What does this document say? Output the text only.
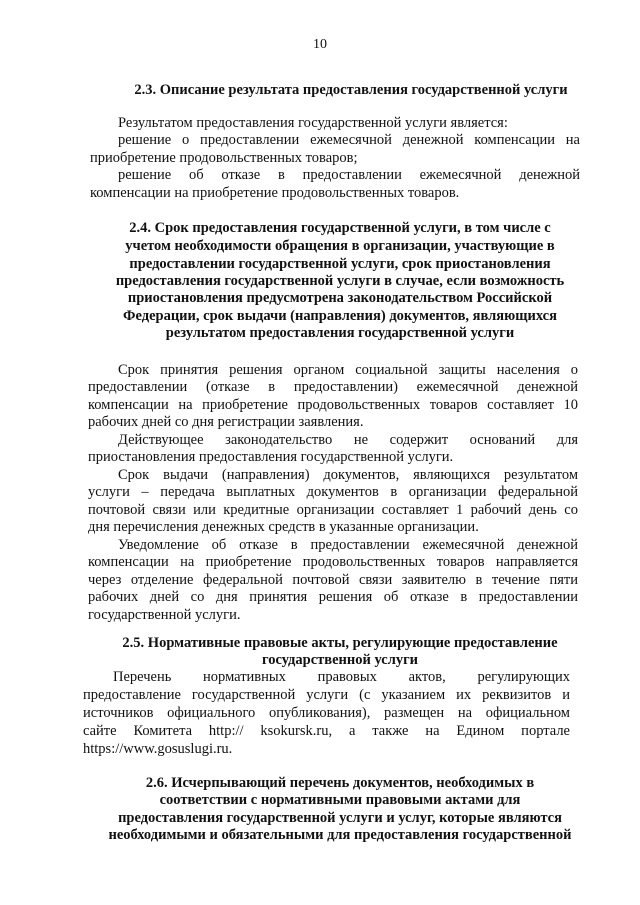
10
2.3. Описание результата предоставления государственной услуги
Результатом предоставления государственной услуги является:
решение о предоставлении ежемесячной денежной компенсации на
приобретение продовольственных товаров;
решение об отказе в предоставлении ежемесячной денежной
компенсации на приобретение продовольственных товаров.
2.4. Срок предоставления государственной услуги, в том числе с
учетом необходимости обращения в организации, участвующие в
предоставлении государственной услуги, срок приостановления
предоставления государственной услуги в случае, если возможность
приостановления предусмотрена законодательством Российской
Федерации, срок выдачи (направления) документов, являющихся
результатом предоставления государственной услуги
Срок принятия решения органом социальной защиты населения о
предоставлении (отказе в предоставлении) ежемесячной денежной
компенсации на приобретение продовольственных товаров составляет 10
рабочих дней со дня регистрации заявления.
Действующее законодательство не содержит оснований для
приостановления предоставления государственной услуги.
Срок выдачи (направления) документов, являющихся результатом
услуги – передача выплатных документов в организации федеральной
почтовой связи или кредитные организации составляет 1 рабочий день со
дня перечисления денежных средств в указанные организации.
Уведомление об отказе в предоставлении ежемесячной денежной
компенсации на приобретение продовольственных товаров направляется
через отделение федеральной почтовой связи заявителю в течение пяти
рабочих дней со дня принятия решения об отказе в предоставлении
государственной услуги.
2.5. Нормативные правовые акты, регулирующие предоставление
государственной услуги
Перечень нормативных правовых актов, регулирующих
предоставление государственной услуги (с указанием их реквизитов и
источников официального опубликования), размещен на официальном
сайте Комитета http:// ksokursk.ru, а также на Едином портале
https://www.gosuslugi.ru.
2.6. Исчерпывающий перечень документов, необходимых в
соответствии с нормативными правовыми актами для
предоставления государственной услуги и услуг, которые являются
необходимыми и обязательными для предоставления государственной
